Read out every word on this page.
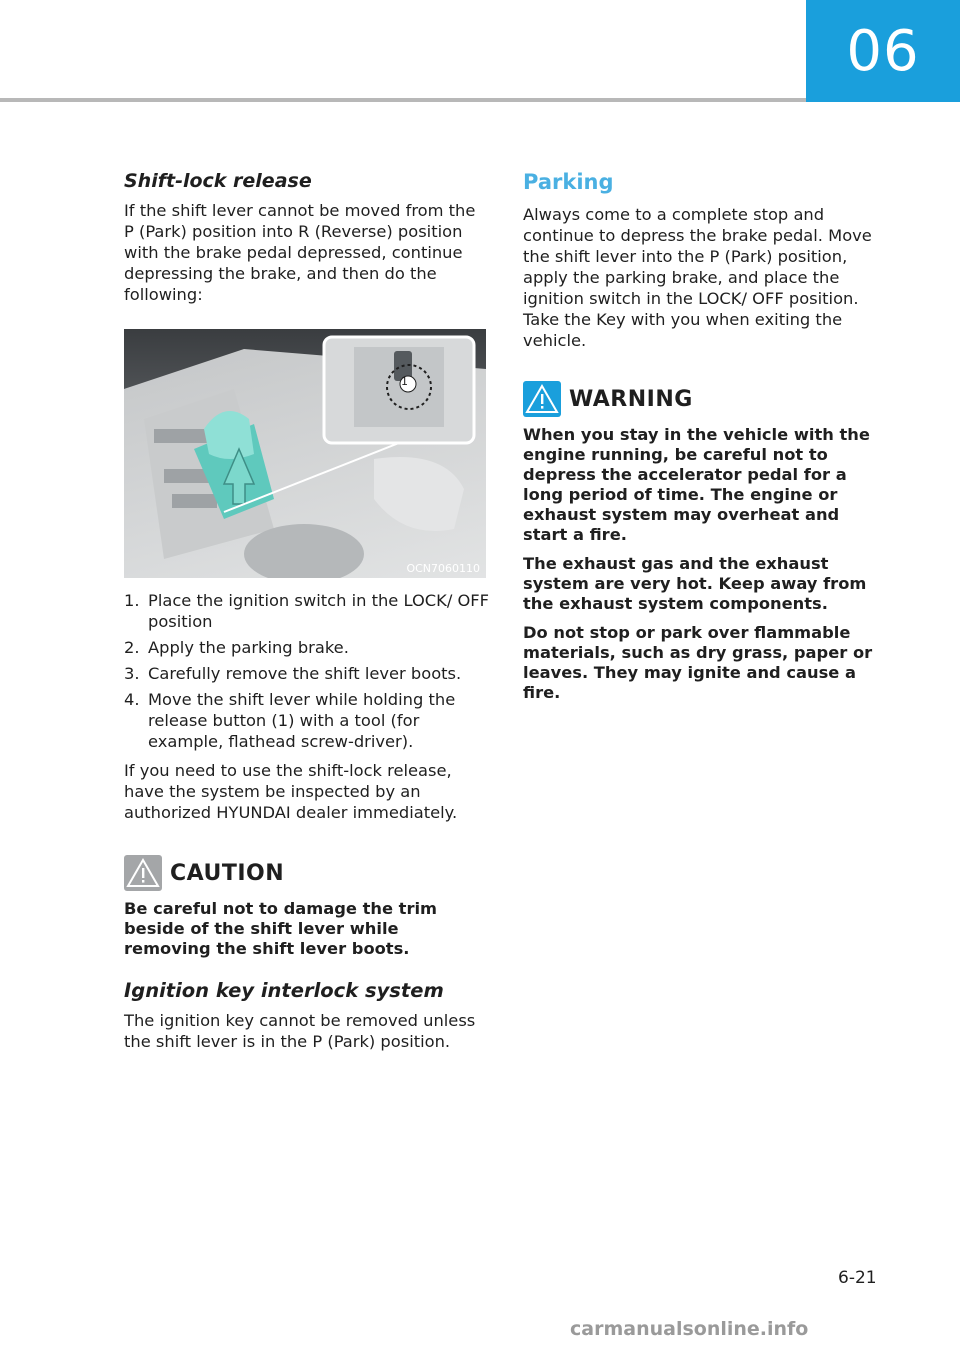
06
Shift-lock release

If the shift lever cannot be moved from the P (Park) position into R (Reverse) position with the brake pedal depressed, continue depressing the brake, and then do the following:

1
OCN7060110
1. Place the ignition switch in the LOCK/ OFF position
2. Apply the parking brake.
3. Carefully remove the shift lever boots.
4. Move the shift lever while holding the release button (1) with a tool (for example, flathead screw-driver).

If you need to use the shift-lock release, have the system be inspected by an authorized HYUNDAI dealer immediately.

CAUTION

Be careful not to damage the trim beside of the shift lever while removing the shift lever boots.

Ignition key interlock system

The ignition key cannot be removed unless the shift lever is in the P (Park) position.

Parking

Always come to a complete stop and continue to depress the brake pedal. Move the shift lever into the P (Park) position, apply the parking brake, and place the ignition switch in the LOCK/ OFF position. Take the Key with you when exiting the vehicle.

WARNING

When you stay in the vehicle with the engine running, be careful not to depress the accelerator pedal for a long period of time. The engine or exhaust system may overheat and start a fire.

The exhaust gas and the exhaust system are very hot. Keep away from the exhaust system components.

Do not stop or park over flammable materials, such as dry grass, paper or leaves. They may ignite and cause a fire.

6-21
carmanualsonline.info
